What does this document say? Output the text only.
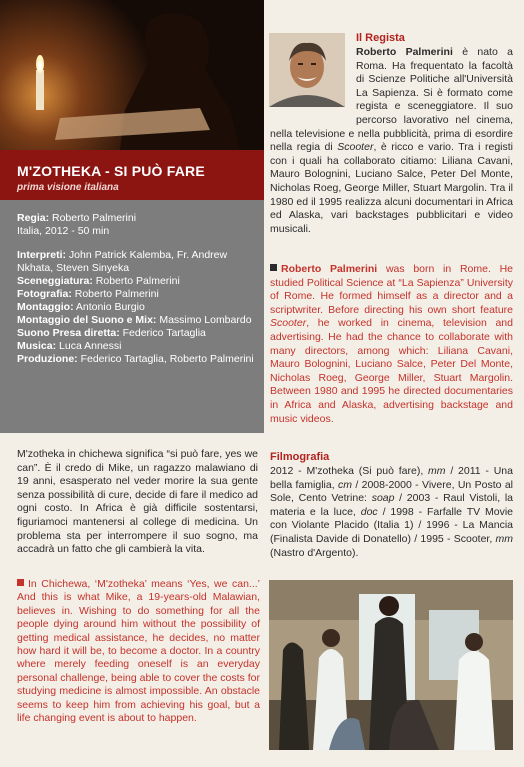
M'ZOTHEKA - SI PUÒ FARE
prima visione italiana
Regia: Roberto Palmerini
Italia, 2012 - 50 min
Interpreti: John Patrick Kalemba, Fr. Andrew Nkhata, Steven Sinyeka
Sceneggiatura: Roberto Palmerini
Fotografia: Roberto Palmerini
Montaggio: Antonio Burgio
Montaggio del Suono e Mix: Massimo Lombardo
Suono Presa diretta: Federico Tartaglia
Musica: Luca Annessi
Produzione: Federico Tartaglia, Roberto Palmerini

M'zotheka in chichewa significa “si può fare, yes we can”. È il credo di Mike, un ragazzo malawiano di 19 anni, esasperato nel veder morire la sua gente senza possibilità di cure, decide di fare il medico ad ogni costo. In Africa è già difficile sostentarsi, figuriamoci mantenersi al college di medicina. Un problema sta per interrompere il suo sogno, ma accadrà un fatto che gli cambierà la vita.

In Chichewa, ‘M'zotheka’ means ‘Yes, we can...’ And this is what Mike, a 19-years-old Malawian, believes in. Wishing to do something for all the people dying around him without the possibility of getting medical assistance, he decides, no matter how hard it will be, to become a doctor. In a country where merely feeding oneself is an everyday personal challenge, being able to cover the costs for studying medicine is almost impossible. An obstacle seems to keep him from achieving his goal, but a life changing event is about to happen.

Il Regista

Roberto Palmerini è nato a Roma. Ha frequentato la facoltà di Scienze Politiche all'Università La Sapienza. Si è formato come regista e sceneggiatore. Il suo percorso lavorativo nel cinema, nella televisione e nella pubblicità, prima di esordire nella regia di Scooter, è ricco e vario. Tra i registi con i quali ha collaborato citiamo: Liliana Cavani, Mauro Bolognini, Luciano Salce, Peter Del Monte, Nicholas Roeg, George Miller, Stuart Margolin. Tra il 1980 ed il 1995 realizza alcuni documentari in Africa ed Alaska, vari backstages pubblicitari e video musicali.

Roberto Palmerini was born in Rome. He studied Political Science at “La Sapienza” University of Rome. He formed himself as a director and a scriptwriter. Before directing his own short feature Scooter, he worked in cinema, television and advertising. He had the chance to collaborate with many directors, among which: Liliana Cavani, Mauro Bolognini, Luciano Salce, Peter Del Monte, Nicholas Roeg, George Miller, Stuart Margolin. Between 1980 and 1995 he directed documentaries in Africa and Alaska, advertising backstage and music videos.

Filmografia

2012 - M'zotheka (Si può fare), mm / 2011 - Una bella famiglia, cm / 2008-2000 - Vivere, Un Posto al Sole, Cento Vetrine: soap / 2003 - Raul Vistoli, la materia e la luce, doc / 1998 - Farfalle TV Movie con Violante Placido (Italia 1) / 1996 - La Mancia (Finalista Davide di Donatello) / 1995 - Scooter, mm (Nastro d'Argento).
